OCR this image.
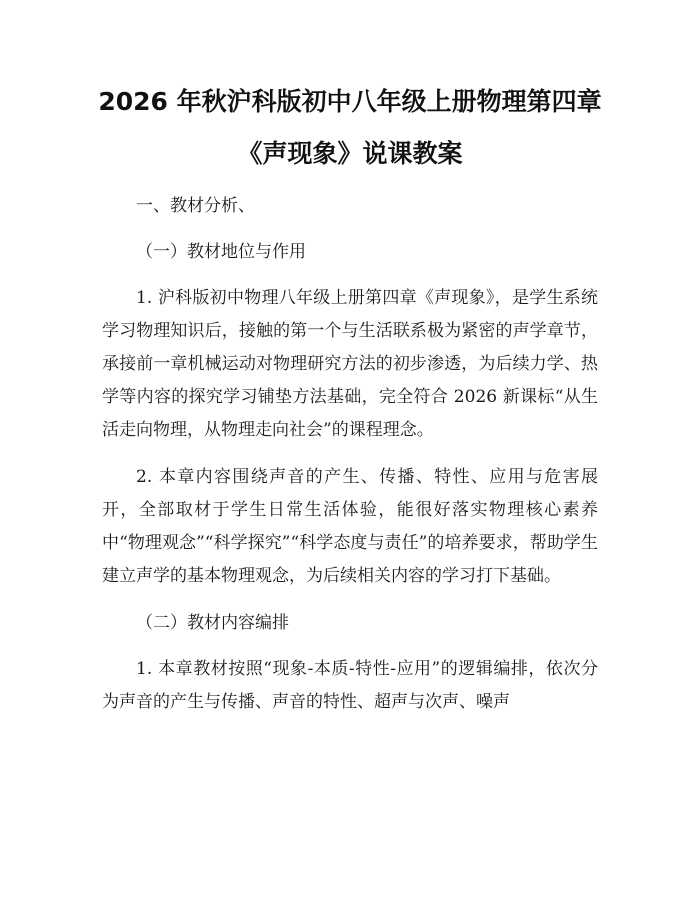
2026 年秋沪科版初中八年级上册物理第四章
《声现象》说课教案

一、教材分析、

（一）教材地位与作用

1. 沪科版初中物理八年级上册第四章《声现象》，是学生系统学习物理知识后，接触的第一个与生活联系极为紧密的声学章节，承接前一章机械运动对物理研究方法的初步渗透，为后续力学、热学等内容的探究学习铺垫方法基础，完全符合 2026 新课标“从生活走向物理，从物理走向社会”的课程理念。

2. 本章内容围绕声音的产生、传播、特性、应用与危害展开，全部取材于学生日常生活体验，能很好落实物理核心素养中“物理观念”“科学探究”“科学态度与责任”的培养要求，帮助学生建立声学的基本物理观念，为后续相关内容的学习打下基础。

（二）教材内容编排

1. 本章教材按照“现象-本质-特性-应用”的逻辑编排，依次分为声音的产生与传播、声音的特性、超声与次声、噪声
